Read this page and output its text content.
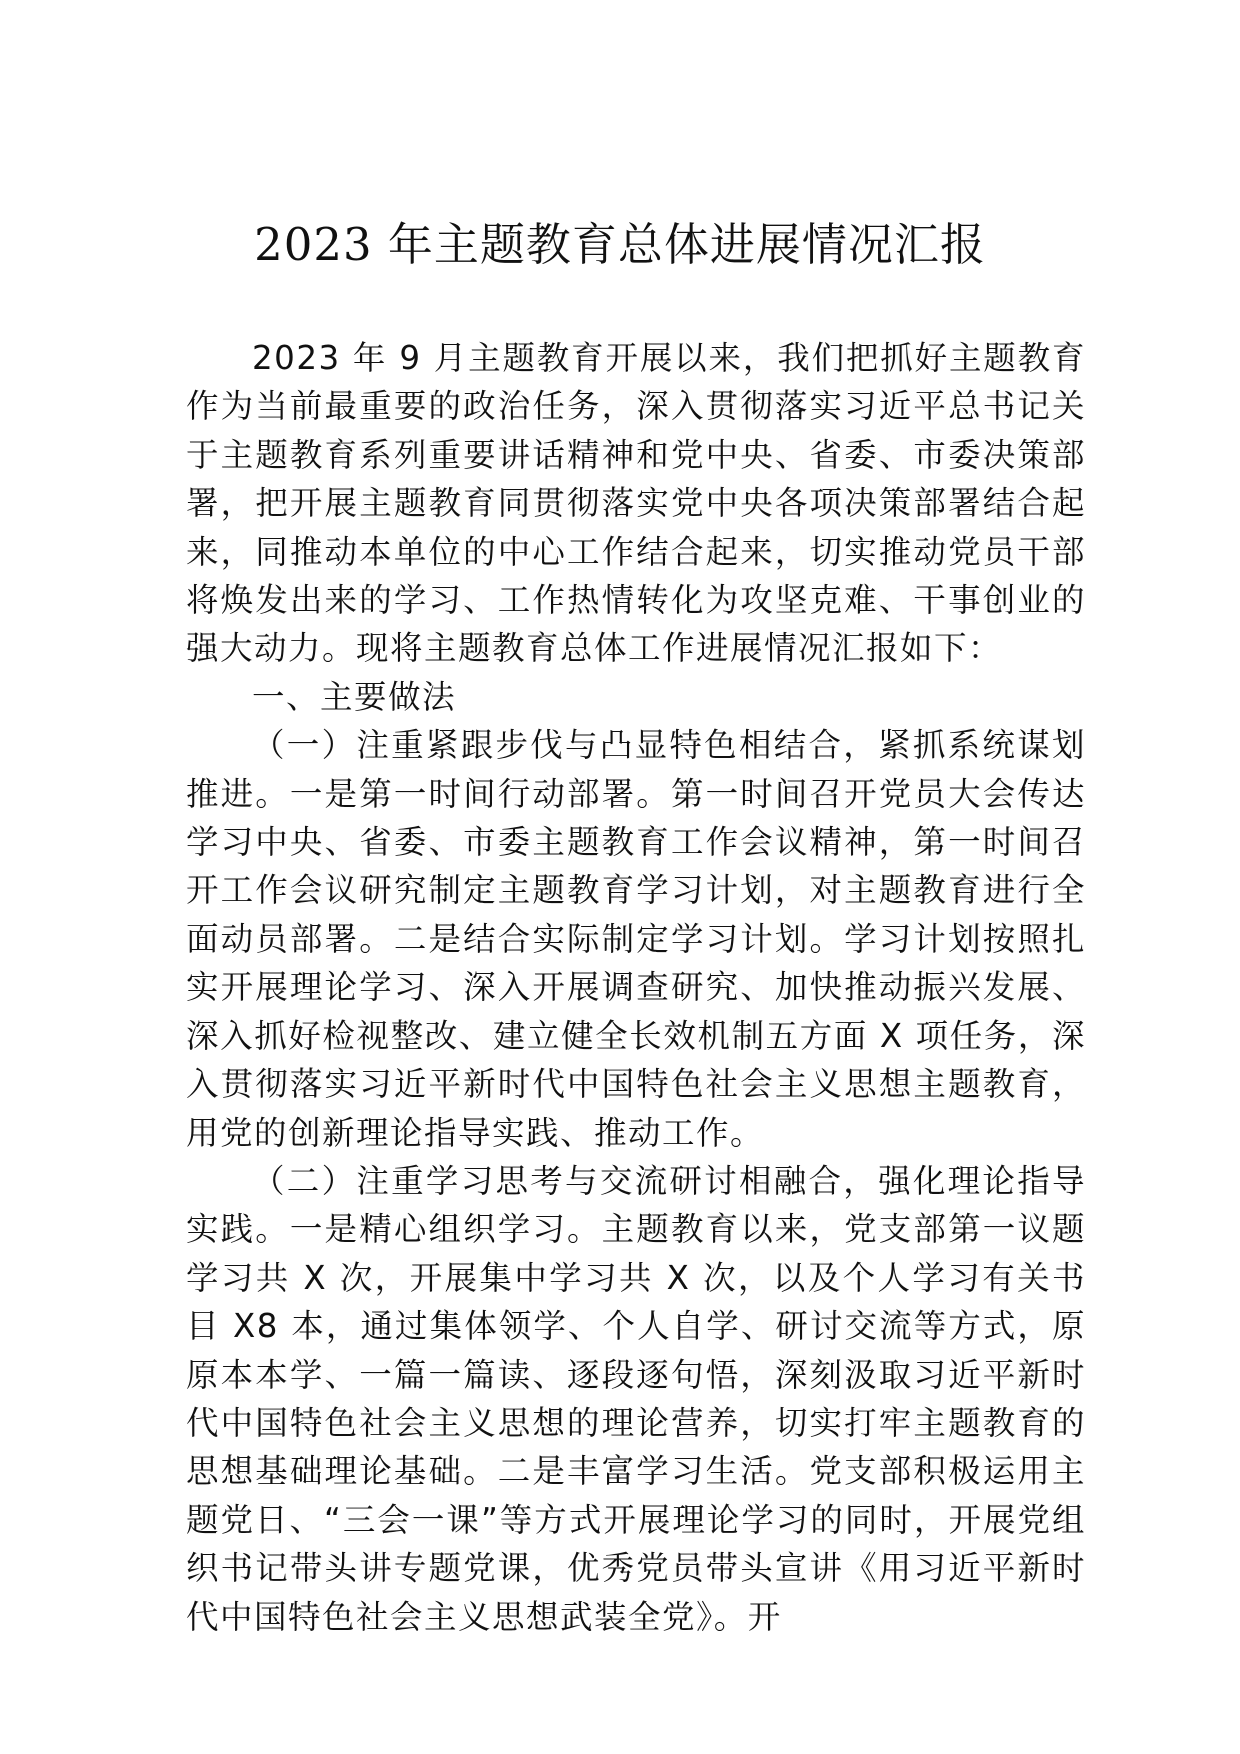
2023 年主题教育总体进展情况汇报

2023 年 9 月主题教育开展以来，我们把抓好主题教育作为当前最重要的政治任务，深入贯彻落实习近平总书记关于主题教育系列重要讲话精神和党中央、省委、市委决策部署，把开展主题教育同贯彻落实党中央各项决策部署结合起来，同推动本单位的中心工作结合起来，切实推动党员干部将焕发出来的学习、工作热情转化为攻坚克难、干事创业的强大动力。现将主题教育总体工作进展情况汇报如下：

一、主要做法

（一）注重紧跟步伐与凸显特色相结合，紧抓系统谋划推进。一是第一时间行动部署。第一时间召开党员大会传达学习中央、省委、市委主题教育工作会议精神，第一时间召开工作会议研究制定主题教育学习计划，对主题教育进行全面动员部署。二是结合实际制定学习计划。学习计划按照扎实开展理论学习、深入开展调查研究、加快推动振兴发展、深入抓好检视整改、建立健全长效机制五方面 X 项任务，深入贯彻落实习近平新时代中国特色社会主义思想主题教育，用党的创新理论指导实践、推动工作。

（二）注重学习思考与交流研讨相融合，强化理论指导实践。一是精心组织学习。主题教育以来，党支部第一议题学习共 X 次，开展集中学习共 X 次，以及个人学习有关书目 X8 本，通过集体领学、个人自学、研讨交流等方式，原原本本学、一篇一篇读、逐段逐句悟，深刻汲取习近平新时代中国特色社会主义思想的理论营养，切实打牢主题教育的思想基础理论基础。二是丰富学习生活。党支部积极运用主题党日、“三会一课”等方式开展理论学习的同时，开展党组织书记带头讲专题党课，优秀党员带头宣讲《用习近平新时代中国特色社会主义思想武装全党》。开
